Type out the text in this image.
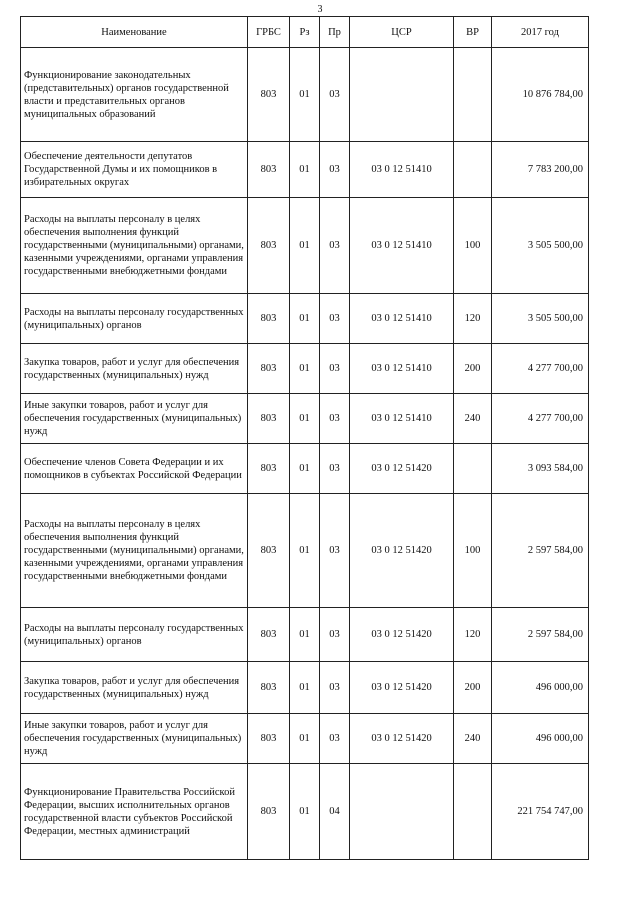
3
Наименование	ГРБС	Рз	Пр	ЦСР	ВР	2017 год
Функционирование законодательных (представительных) органов государственной власти и представительных органов муниципальных образований	803	01	03			10 876 784,00
Обеспечение деятельности депутатов Государственной Думы и их помощников в избирательных округах	803	01	03	03 0 12 51410		7 783 200,00
Расходы на выплаты персоналу в целях обеспечения выполнения функций государственными (муниципальными) органами, казенными учреждениями, органами управления государственными внебюджетными фондами	803	01	03	03 0 12 51410	100	3 505 500,00
Расходы на выплаты персоналу государственных (муниципальных) органов	803	01	03	03 0 12 51410	120	3 505 500,00
Закупка товаров, работ и услуг для обеспечения государственных (муниципальных) нужд	803	01	03	03 0 12 51410	200	4 277 700,00
Иные закупки товаров, работ и услуг для обеспечения государственных (муниципальных) нужд	803	01	03	03 0 12 51410	240	4 277 700,00
Обеспечение членов Совета Федерации и их помощников в субъектах Российской Федерации	803	01	03	03 0 12 51420		3 093 584,00
Расходы на выплаты персоналу в целях обеспечения выполнения функций государственными (муниципальными) органами, казенными учреждениями, органами управления государственными внебюджетными фондами	803	01	03	03 0 12 51420	100	2 597 584,00
Расходы на выплаты персоналу государственных (муниципальных) органов	803	01	03	03 0 12 51420	120	2 597 584,00
Закупка товаров, работ и услуг для обеспечения государственных (муниципальных) нужд	803	01	03	03 0 12 51420	200	496 000,00
Иные закупки товаров, работ и услуг для обеспечения государственных (муниципальных) нужд	803	01	03	03 0 12 51420	240	496 000,00
Функционирование Правительства Российской Федерации, высших исполнительных органов государственной власти субъектов Российской Федерации, местных администраций	803	01	04			221 754 747,00
